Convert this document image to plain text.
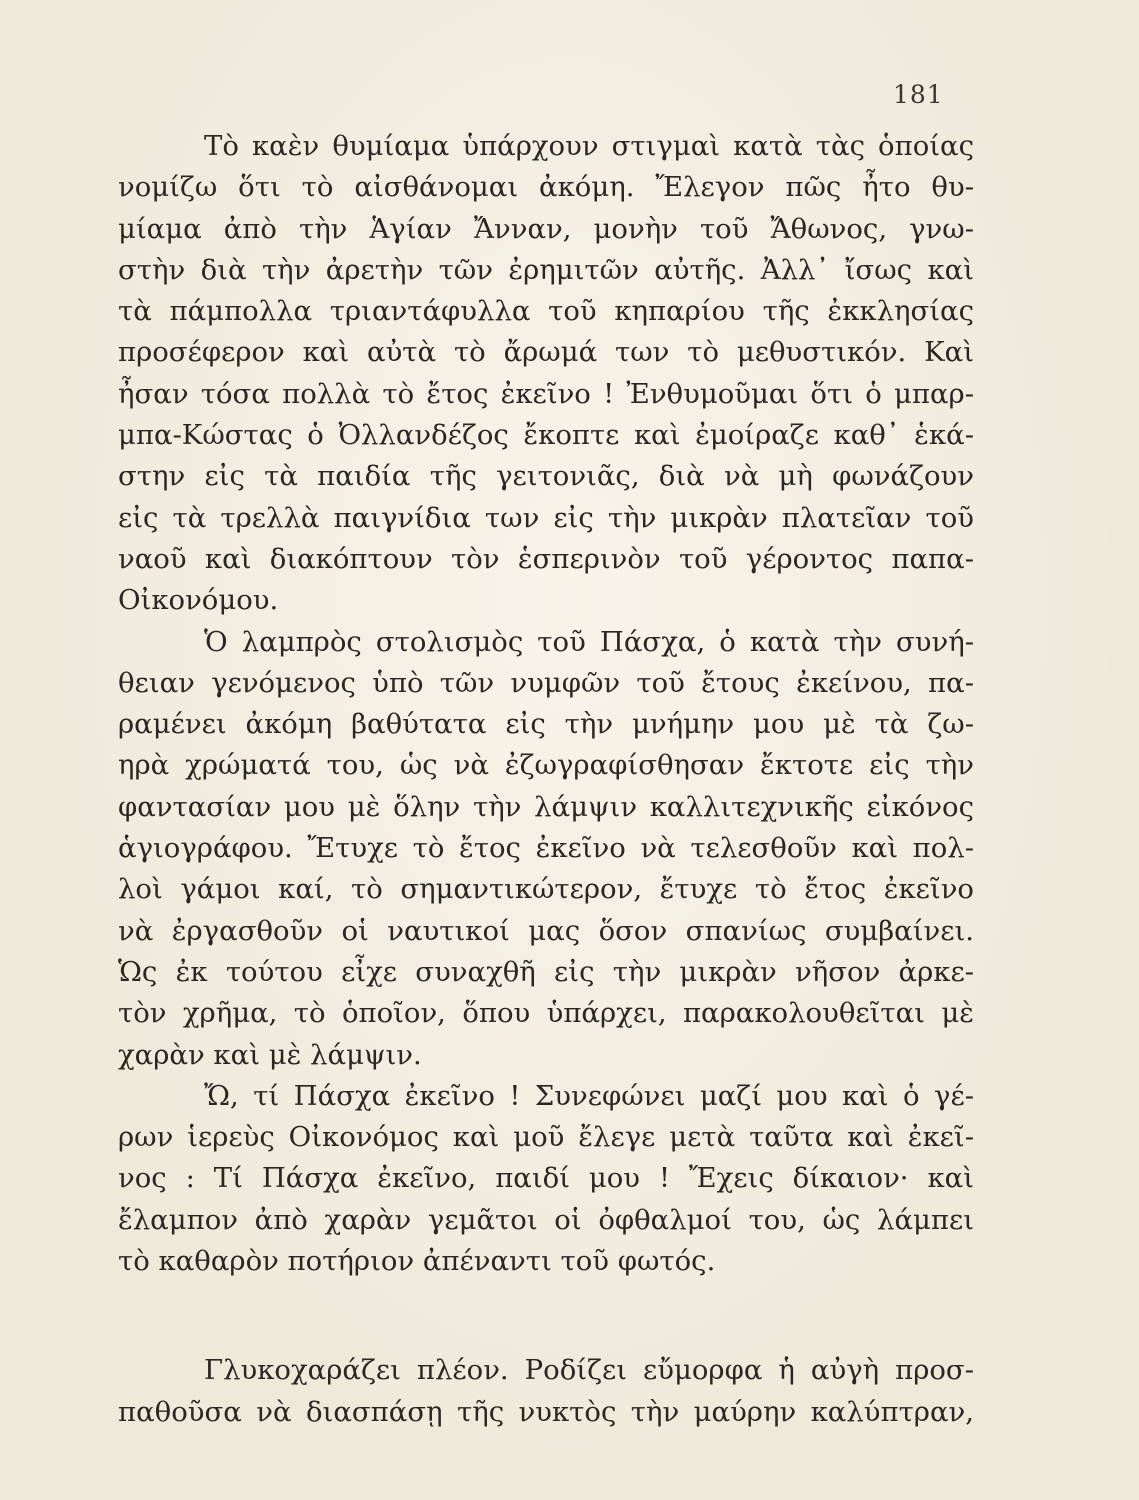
181
Τὸ καὲν θυμίαμα ὑπάρχουν στιγμαὶ κατὰ τὰς ὁποίας
νομίζω ὅτι τὸ αἰσθάνομαι ἀκόμη. Ἔλεγον πῶς ἦτο θυ-
μίαμα ἀπὸ τὴν Ἁγίαν Ἄνναν, μονὴν τοῦ Ἄθωνος, γνω-
στὴν διὰ τὴν ἀρετὴν τῶν ἐρημιτῶν αὐτῆς. Ἀλλ᾽ ἴσως καὶ
τὰ πάμπολλα τριαντάφυλλα τοῦ κηπαρίου τῆς ἐκκλησίας
προσέφερον καὶ αὐτὰ τὸ ἄρωμά των τὸ μεθυστικόν. Καὶ
ἦσαν τόσα πολλὰ τὸ ἔτος ἐκεῖνο ! Ἐνθυμοῦμαι ὅτι ὁ μπαρ-
μπα-Κώστας ὁ Ὀλλανδέζος ἔκοπτε καὶ ἐμοίραζε καθ᾽ ἑκά-
στην εἰς τὰ παιδία τῆς γειτονιᾶς, διὰ νὰ μὴ φωνάζουν
εἰς τὰ τρελλὰ παιγνίδια των εἰς τὴν μικρὰν πλατεῖαν τοῦ
ναοῦ καὶ διακόπτουν τὸν ἑσπερινὸν τοῦ γέροντος παπα-
Οἰκονόμου.
Ὁ λαμπρὸς στολισμὸς τοῦ Πάσχα, ὁ κατὰ τὴν συνή-
θειαν γενόμενος ὑπὸ τῶν νυμφῶν τοῦ ἔτους ἐκείνου, πα-
ραμένει ἀκόμη βαθύτατα εἰς τὴν μνήμην μου μὲ τὰ ζω-
ηρὰ χρώματά του, ὡς νὰ ἐζωγραφίσθησαν ἔκτοτε εἰς τὴν
φαντασίαν μου μὲ ὅλην τὴν λάμψιν καλλιτεχνικῆς εἰκόνος
ἁγιογράφου. Ἔτυχε τὸ ἔτος ἐκεῖνο νὰ τελεσθοῦν καὶ πολ-
λοὶ γάμοι καί, τὸ σημαντικώτερον, ἔτυχε τὸ ἔτος ἐκεῖνο
νὰ ἐργασθοῦν οἱ ναυτικοί μας ὅσον σπανίως συμβαίνει.
Ὡς ἐκ τούτου εἶχε συναχθῆ εἰς τὴν μικρὰν νῆσον ἀρκε-
τὸν χρῆμα, τὸ ὁποῖον, ὅπου ὑπάρχει, παρακολουθεῖται μὲ
χαρὰν καὶ μὲ λάμψιν.
Ὤ, τί Πάσχα ἐκεῖνο ! Συνεφώνει μαζί μου καὶ ὁ γέ-
ρων ἱερεὺς Οἰκονόμος καὶ μοῦ ἔλεγε μετὰ ταῦτα καὶ ἐκεῖ-
νος : Τί Πάσχα ἐκεῖνο, παιδί μου ! Ἔχεις δίκαιον· καὶ
ἔλαμπον ἀπὸ χαρὰν γεμᾶτοι οἱ ὀφθαλμοί του, ὡς λάμπει
τὸ καθαρὸν ποτήριον ἀπέναντι τοῦ φωτός.
Γλυκοχαράζει πλέον. Ροδίζει εὔμορφα ἡ αὐγὴ προσ-
παθοῦσα νὰ διασπάσῃ τῆς νυκτὸς τὴν μαύρην καλύπτραν,
